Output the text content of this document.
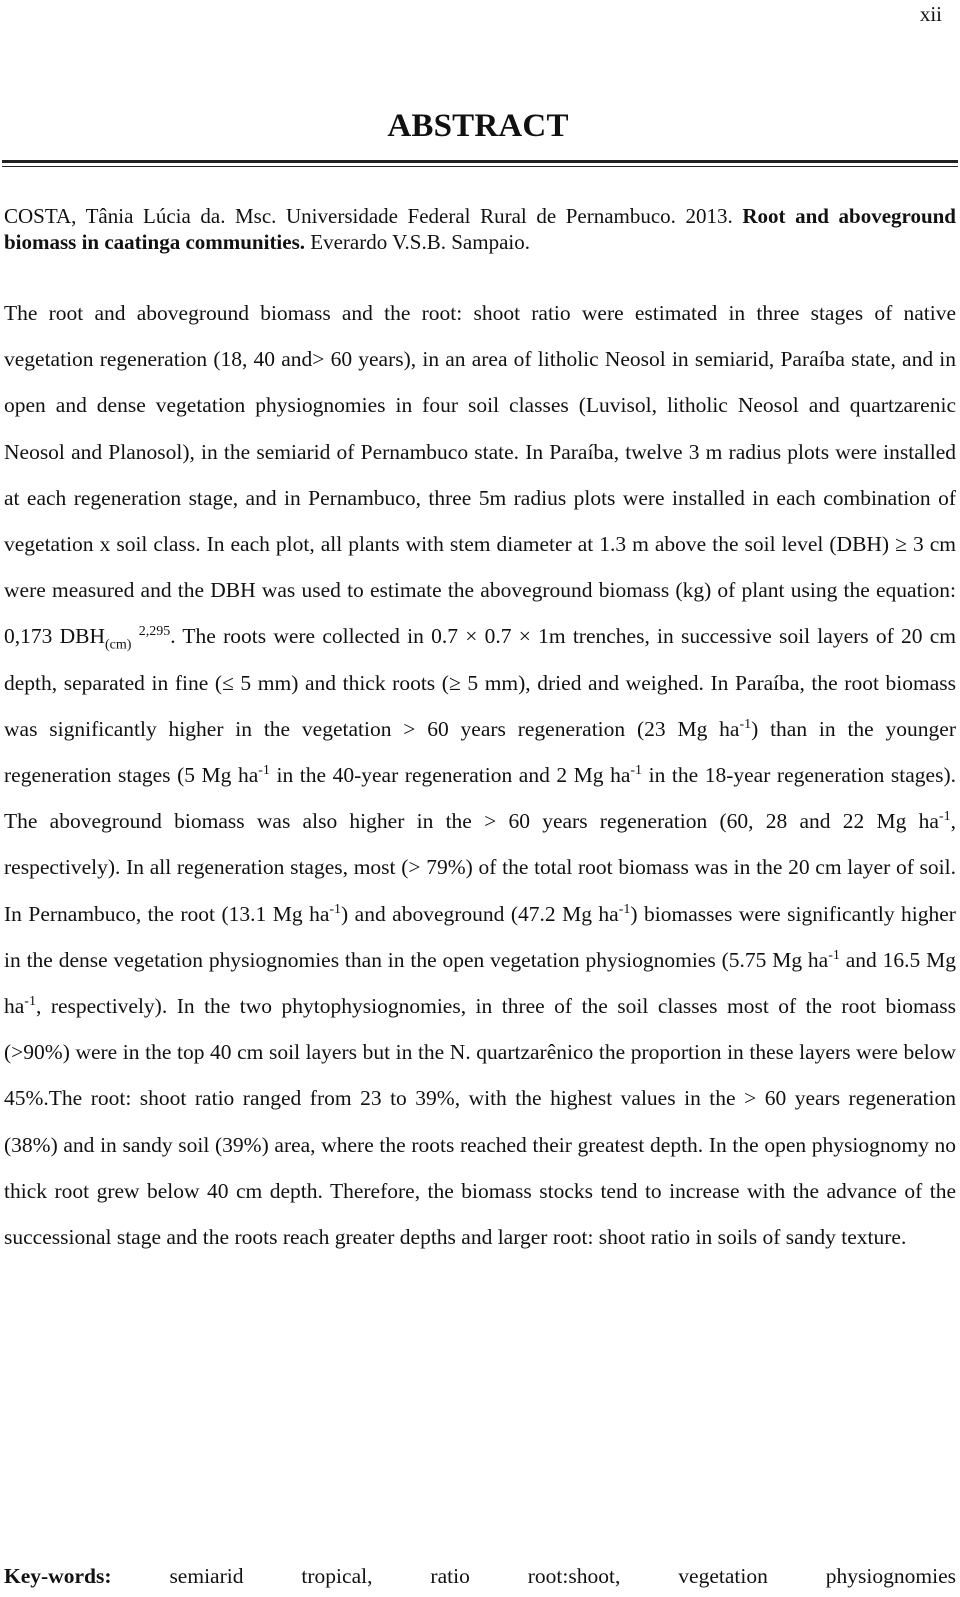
xii
ABSTRACT
COSTA, Tânia Lúcia da. Msc. Universidade Federal Rural de Pernambuco. 2013. Root and aboveground biomass in caatinga communities. Everardo V.S.B. Sampaio.

The root and aboveground biomass and the root: shoot ratio were estimated in three stages of native vegetation regeneration (18, 40 and> 60 years), in an area of litholic Neosol in semiarid, Paraíba state, and in open and dense vegetation physiognomies in four soil classes (Luvisol, litholic Neosol and quartzarenic Neosol and Planosol), in the semiarid of Pernambuco state. In Paraíba, twelve 3 m radius plots were installed at each regeneration stage, and in Pernambuco, three 5m radius plots were installed in each combination of vegetation x soil class. In each plot, all plants with stem diameter at 1.3 m above the soil level (DBH) ≥ 3 cm were measured and the DBH was used to estimate the aboveground biomass (kg) of plant using the equation: 0,173 $DBH_{(cm)}$ $^{2,295}$. The roots were collected in 0.7 × 0.7 × 1m trenches, in successive soil layers of 20 cm depth, separated in fine (≤ 5 mm) and thick roots (≥ 5 mm), dried and weighed. In Paraíba, the root biomass was significantly higher in the vegetation > 60 years regeneration (23 Mg $ha^{-1}$) than in the younger regeneration stages (5 Mg $ha^{-1}$ in the 40-year regeneration and 2 Mg $ha^{-1}$ in the 18-year regeneration stages). The aboveground biomass was also higher in the > 60 years regeneration (60, 28 and 22 Mg $ha^{-1}$, respectively). In all regeneration stages, most (> 79%) of the total root biomass was in the 20 cm layer of soil. In Pernambuco, the root (13.1 Mg $ha^{-1}$) and aboveground (47.2 Mg $ha^{-1}$) biomasses were significantly higher in the dense vegetation physiognomies than in the open vegetation physiognomies (5.75 Mg $ha^{-1}$ and 16.5 Mg $ha^{-1}$, respectively). In the two phytophysiognomies, in three of the soil classes most of the root biomass (>90%) were in the top 40 cm soil layers but in the N. quartzarênico the proportion in these layers were below 45%.The root: shoot ratio ranged from 23 to 39%, with the highest values in the > 60 years regeneration (38%) and in sandy soil (39%) area, where the roots reached their greatest depth. In the open physiognomy no thick root grew below 40 cm depth. Therefore, the biomass stocks tend to increase with the advance of the successional stage and the roots reach greater depths and larger root: shoot ratio in soils of sandy texture.

Key-words: semiarid tropical, ratio root:shoot, vegetation physiognomies
